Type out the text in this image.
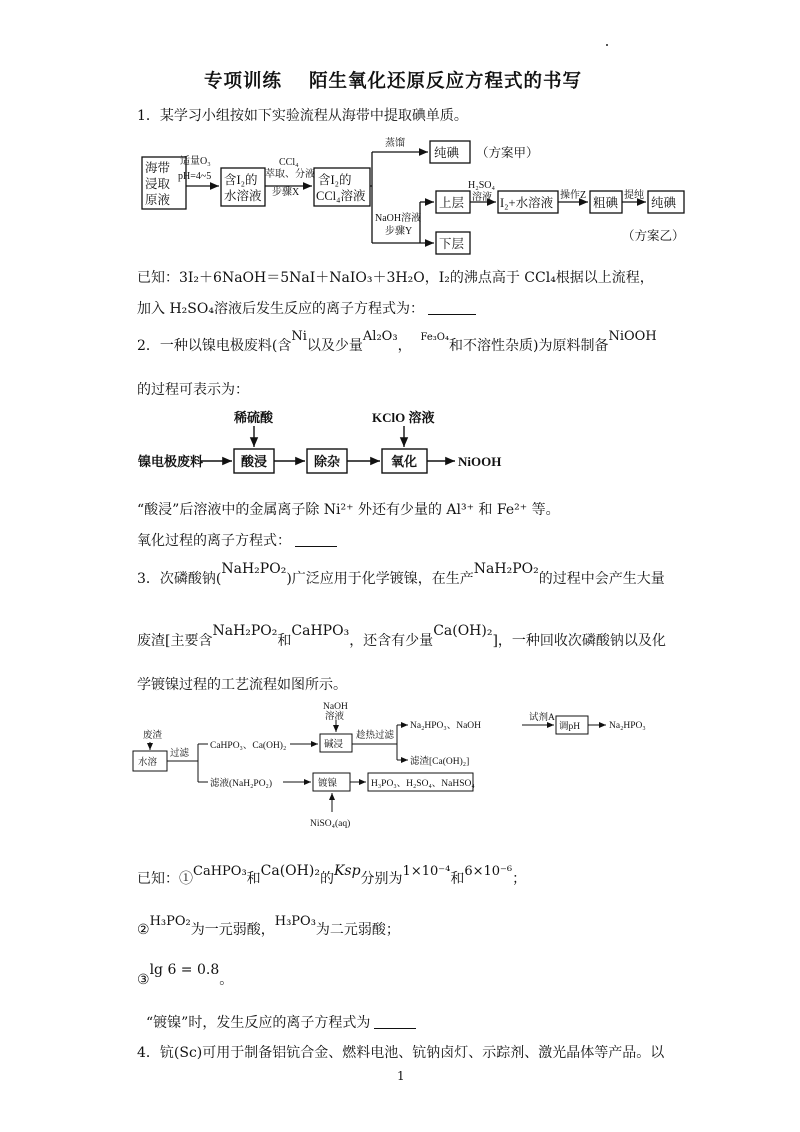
专项训练　 陌生氧化还原反应方程式的书写
1．某学习小组按如下实验流程从海带中提取碘单质。
海带
浸取
原液
含I₂的
水溶液
含I₂的
CCl₄溶液
纯碘 （方案甲）
上层
下层
I₂+水溶液	粗碘	纯碘
（方案乙）
适量O₃
pH=4~5
CCl₄
萃取、分液
步骤X
蒸馏
NaOH溶液
步骤Y
H₂SO₄
溶液	操作Z	提纯
稀硫酸	KClO 溶液
镍电极废料	酸浸	除杂	氧化	NiOOH
废渣
水溶
过滤
CaHPO₃、Ca(OH)₂
NaOH
溶液
碱浸
趁热过滤
Na₂HPO₃、NaOH
试剂A
调pH	Na₂HPO₃
滤渣[Ca(OH)₂]
滤液(NaH₂PO₂)	镀镍	H₃PO₃、H₂SO₄、NaHSO₄
NiSO₄(aq)
已知：3I₂＋6NaOH＝5NaI＋NaIO₃＋3H₂O，I₂的沸点高于 CCl₄根据以上流程，
加入 H₂SO₄溶液后发生反应的离子方程式为：
2．一种以镍电极废料(含Ni以及少量Al₂O₃，  $^{Fe_3O_4}$和不溶性杂质)为原料制备NiOOH
的过程可表示为：
“酸浸”后溶液中的金属离子除 Ni²⁺ 外还有少量的 Al³⁺ 和 Fe²⁺ 等。
氧化过程的离子方程式：
3．次磷酸钠(NaH₂PO₂)广泛应用于化学镀镍，在生产NaH₂PO₂的过程中会产生大量
废渣[主要含NaH₂PO₂和CaHPO₃，还含有少量Ca(OH)₂]，一种回收次磷酸钠以及化
学镀镍过程的工艺流程如图所示。
已知：①CaHPO₃和Ca(OH)₂的Ksp分别为1×10⁻⁴和6×10⁻⁶；
②H₃PO₂为一元弱酸，H₃PO₃为二元弱酸；
③lg 6 = 0.8。
“镀镍”时，发生反应的离子方程式为
4．钪(Sc)可用于制备铝钪合金、燃料电池、钪钠卤灯、示踪剂、激光晶体等产品。以
1
